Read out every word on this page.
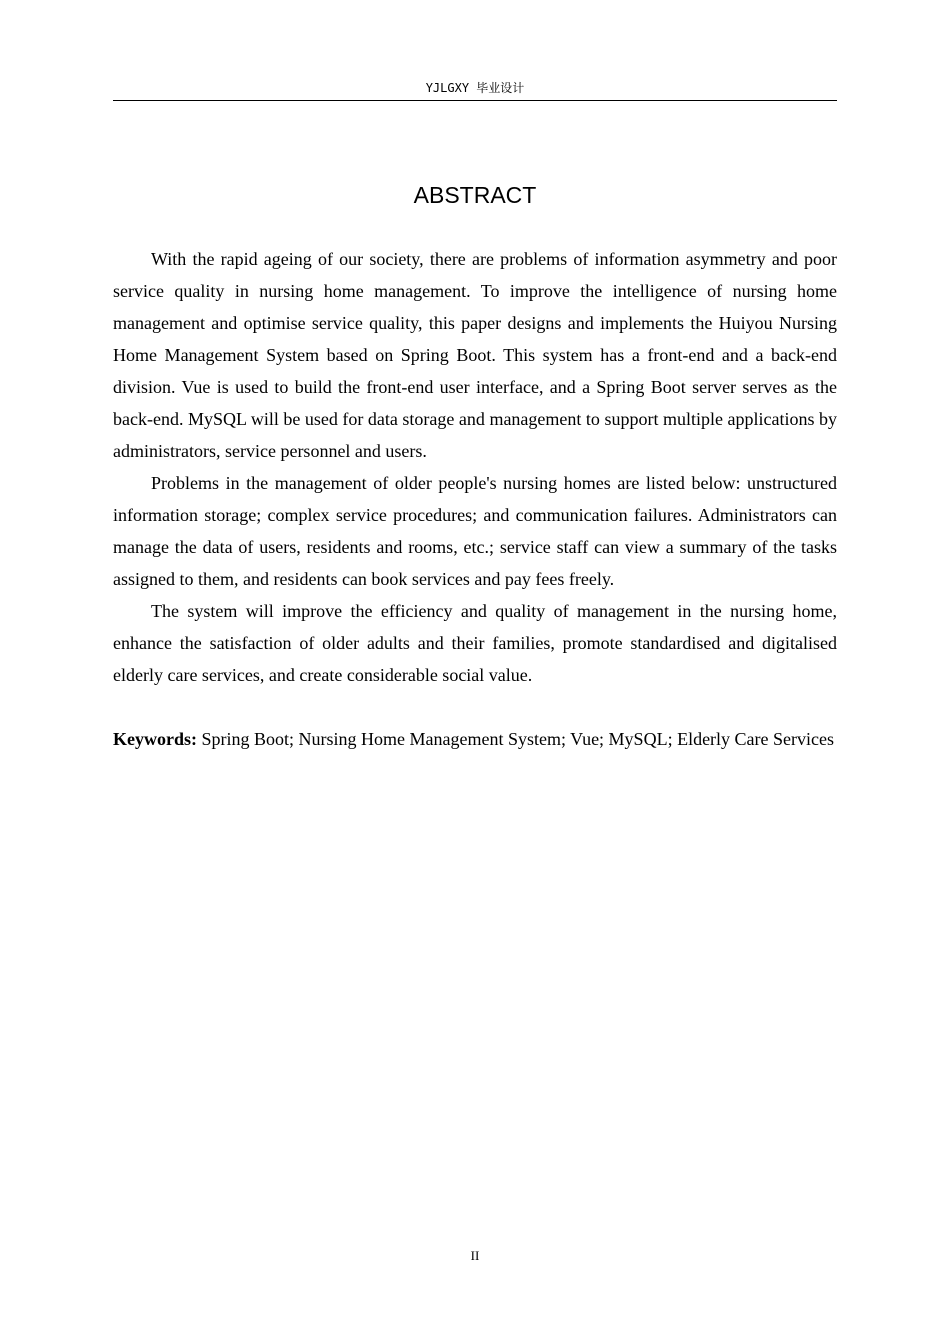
YJLGXY 毕业设计
ABSTRACT

With the rapid ageing of our society, there are problems of information asymmetry and poor service quality in nursing home management. To improve the intelligence of nursing home management and optimise service quality, this paper designs and implements the Huiyou Nursing Home Management System based on Spring Boot. This system has a front-end and a back-end division. Vue is used to build the front-end user interface, and a Spring Boot server serves as the back-end. MySQL will be used for data storage and management to support multiple applications by administrators, service personnel and users.

Problems in the management of older people's nursing homes are listed below: unstructured information storage; complex service procedures; and communication failures. Administrators can manage the data of users, residents and rooms, etc.; service staff can view a summary of the tasks assigned to them, and residents can book services and pay fees freely.

The system will improve the efficiency and quality of management in the nursing home, enhance the satisfaction of older adults and their families, promote standardised and digitalised elderly care services, and create considerable social value.

Keywords: Spring Boot; Nursing Home Management System; Vue; MySQL; Elderly Care Services
II
